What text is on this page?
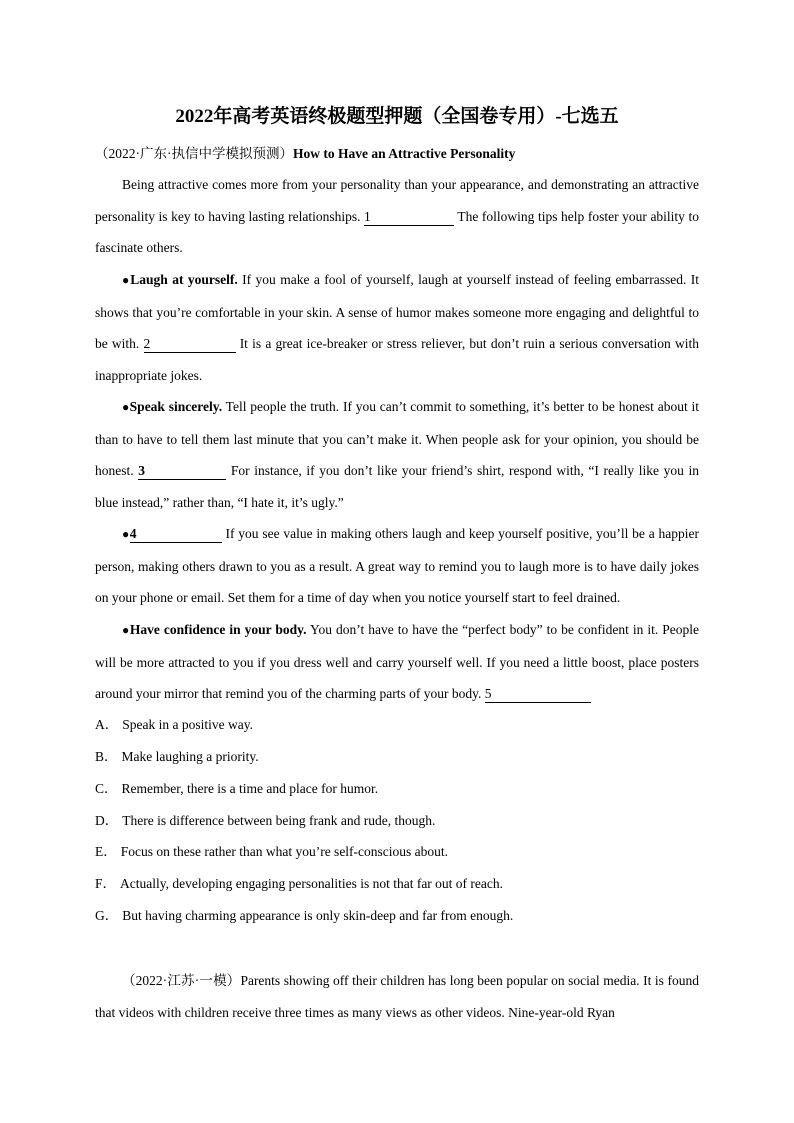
2022年高考英语终极题型押题（全国卷专用）-七选五
（2022·广东·执信中学模拟预测）How to Have an Attractive Personality

Being attractive comes more from your personality than your appearance, and demonstrating an attractive personality is key to having lasting relationships. 1	The following tips help foster your ability to fascinate others.

●Laugh at yourself. If you make a fool of yourself, laugh at yourself instead of feeling embarrassed. It shows that you’re comfortable in your skin. A sense of humor makes someone more engaging and delightful to be with. 2	It is a great ice-breaker or stress reliever, but don’t ruin a serious conversation with inappropriate jokes.

●Speak sincerely. Tell people the truth. If you can’t commit to something, it’s better to be honest about it than to have to tell them last minute that you can’t make it. When people ask for your opinion, you should be honest. 3	For instance, if you don’t like your friend’s shirt, respond with, “I really like you in blue instead,” rather than, “I hate it, it’s ugly.”

●4	If you see value in making others laugh and keep yourself positive, you’ll be a happier person, making others drawn to you as a result. A great way to remind you to laugh more is to have daily jokes on your phone or email. Set them for a time of day when you notice yourself start to feel drained.

●Have confidence in your body. You don’t have to have the “perfect body” to be confident in it. People will be more attracted to you if you dress well and carry yourself well. If you need a little boost, place posters around your mirror that remind you of the charming parts of your body. 5

A． Speak in a positive way.
B． Make laughing a priority.
C． Remember, there is a time and place for humor.
D． There is difference between being frank and rude, though.
E． Focus on these rather than what you’re self-conscious about.
F． Actually, developing engaging personalities is not that far out of reach.
G． But having charming appearance is only skin-deep and far from enough.

（2022·江苏·一模）Parents showing off their children has long been popular on social media. It is found that videos with children receive three times as many views as other videos. Nine-year-old Ryan
